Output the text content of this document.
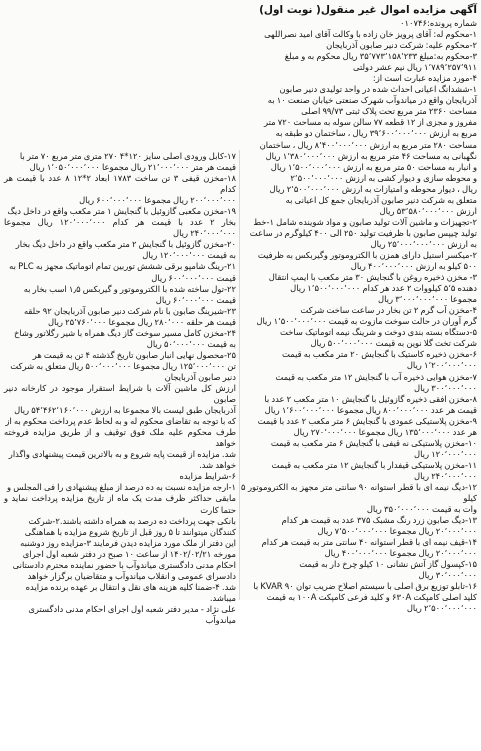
آگهی مزایده اموال غیر منقول( نوبت اول)

شماره پرونده:۰۱۰۷۴۶

۱-محکوم له: آقای پرویز خان زاده با وکالت آقای امید نصراللهی

۲-محکوم علیه: شرکت دنیر صابون آذربایجان

۳-محکوم به:مبلغ ۳۵٬۷۷۳٬۱۵۸٬۲۳۳ ریال محکوم به و مبلغ

۱٬۷۸۹٬۲۵۷٬۹۱۱ ریال نیم عشر دولتی

۴-مورد مزایده عبارت است از:

۱-ششدانگ اعیانی احداث شده در واحد تولیدی دنیر صابون

آذربایجان واقع در میاندوآب شهرک صنعتی خیابان صنعت ۱۰ به

مساحت ۲۳۶۰ متر مربع تحت پلاک ثبتی ۹۹/۷۳ اصلی

مفروز و مجزی از ۱۲ قطعه ۷۷ سالن سوله به مساحت ۷۲۰ متر

مربع به ارزش ۳۹٬۶۰۰٬۰۰۰٬۰۰۰ ریال ، ساختمان دو طبقه به

مساحت ۲۸۰ متر مربع به ارزش ۸٬۴۰۰٬۰۰۰٬۰۰۰ ریال ، ساختمان

نگهبانی به مساحت ۴۶ متر مربع به ارزش ۱٬۳۸۰٬۰۰۰٬۰۰۰ ریال

و انبار به مساحت ۵۰ متر مربع به ارزش ۱٬۵۰۰٬۰۰۰٬۰۰۰ ریال

و محوطه سازی و دیوار کشی به ارزش ۲٬۵۰۰٬۰۰۰٬۰۰۰

ریال ، دیوار محوطه و امتیازات به ارزش ۲٬۵۰۰٬۰۰۰٬۰۰۰ ریال

متعلق به شرکت دنیر صابون آذربایجان جمع کل اعیانی به

ارزش ۵۳٬۵۸۰٬۰۰۰٬۰۰۰ ریال

۲-تجهیزات و ماشین آلات تولید صابون و مواد شوینده شامل ۱-خط

تولید چیپس صابون با ظرفیت تولید ۲۵۰ الی ۴۰۰ کیلوگرم در ساعت

به ارزش ۲۵٬۰۰۰٬۰۰۰٬۰۰۰ ریال

۲-میکسر استیل دارای همزن با الکتروموتور وگیربکس به ظرفیت

۵۰۰ کیلو به ارزش ۴۰۰٬۰۰۰٬۰۰۰ ریال

۳- مخزن ذخیره روغن با گنجایش ۳۰ متر مکعب با ایمپ انتقال

دهنده ۵٬۵ کیلووات ۲ عدد هر کدام ۱٬۵۰۰٬۰۰۰٬۰۰۰ ریال

مجموعا ۳٬۰۰۰٬۰۰۰٬۰۰۰ ریال

۴-مخزن آب گرم ۲ تن بخار در ساعت ساخت شرکت

گرم آوران در حالت سوخت مازوت به قیمت ۱٬۵۰۰٬۰۰۰٬۰۰۰ ریال

۵-دستگاه بسته بندی دوخت و شرینگ نیمه اتوماتیک ساخت

شرکت تخت گلا نوین به قیمت ۵۰۰٬۰۰۰٬۰۰۰ ریال

۶-مخزن ذخیره کاستیک با گنجایش ۲۰ متر مکعب به قیمت

۱٬۲۰۰٬۰۰۰٬۰۰۰ ریال

۷-مخزن هوایی ذخیره آب با گنجایش ۱۲ متر مکعب به قیمت

۳۰۰٬۰۰۰٬۰۰۰ ریال

۸-مخزن افقی ذخیره گازوئیل با گنجایش ۱۰ متر مکعب ۲ عدد با

قیمت هر عدد ۸۰۰٬۰۰۰٬۰۰۰ ریال مجموعا ۱٬۶۰۰٬۰۰۰٬۰۰۰ ریال

۹-مخزن پلاستیکی عمودی با گنجایش ۶ متر مکعب ۲ عدد با قیمت

هر عدد ۱۳۵٬۰۰۰٬۰۰۰ ریال مجموعا ۲۷۰٬۰۰۰٬۰۰۰ ریال

۱۰-مخزن پلاستیکی نه قیفی با گنجایش ۶ متر مکعب به قیمت

۱۲۰٬۰۰۰٬۰۰۰ ریال

۱۱-مخزن پلاستیکی قیفدار با گنجایش ۱۲ متر مکعب به قیمت

۲۴۰٬۰۰۰٬۰۰۰ ریال

۱۲-دیگ نیمه ای با قطر استوانه ۹۰ سانتی متر مجهز به الکتروموتور ۵ کیلو

وات به قیمت ۳۵۰٬۰۰۰٬۰۰۰ ریال

۱۳-دیگ صابون زرد رنگ مشبک ۳۷۵ عدد به قیمت هر کدام

۲۰٬۰۰۰٬۰۰۰ ریال مجموعا ۷٬۵۰۰٬۰۰۰٬۰۰۰ ریال

۱۴-قیف نیمه ای با قطر استوانه ۴۰ سانتی متر به قیمت هر کدام

۲۰٬۰۰۰٬۰۰۰ ریال مجموعا ۴۰۰٬۰۰۰٬۰۰۰ ریال

۱۵-کپسول گاز آتش نشانی ۱۰ کیلو چرخ دار به قیمت

۳۰٬۰۰۰٬۰۰۰ ریال

۱۶-تابلو توزیع برق اصلی با سیستم اصلاح ضریب توان KVAR ۹۰ با

کلید اصلی کامپکت ۶۳۰A و کلید فرعی کامپکت ۱۰۰A به قیمت

۲٬۵۰۰٬۰۰۰٬۰۰۰ ریال

۱۷-کابل ورودی اصلی سایز ۱۲۰*۴ ۲۷۰ متری متر مربع ۷۰ متر با

قیمت هر متر ۲۱٬۰۰۰٬۰۰۰ ریال مجموعا ۱٬۰۵۰٬۰۰۰٬۰۰۰ ریال

۱۸-مخزن قیفی ۳ تن ساخت ۱۷۸۳ ابعاد ۲*۱۲ ۸ عدد با قیمت هر کدام

۲۰۰٬۰۰۰٬۰۰۰ ریال مجموعا ۶۰۰٬۰۰۰٬۰۰۰ ریال

۱۹-مخزن مکعبی گازوئیل با گنجایش ۱ متر مکعب واقع در داخل دیگ

بخار ۲ عدد با قیمت هر کدام ۱۲۰٬۰۰۰٬۰۰۰ ریال مجموعا ۲۴۰٬۰۰۰٬۰۰۰ ریال

۲۰-مخزن گازوئیل با گنجایش ۲ متر مکعب واقع در داخل دیگ بخار

به قیمت ۱۲۰٬۰۰۰٬۰۰۰ ریال

۲۱-رینگ شامپو برقی ششش توربین تمام اتوماتیک مجهز به PLC به

قیمت ۶۰۰٬۰۰۰٬۰۰۰ ریال

۲۲-تول ساخته شده با الکتروموتور و گیربکس ۱٫۵ اسب بخار به

قیمت ۶۰٬۰۰۰٬۰۰۰ ریال

۲۳-شیرینگ صابون با نام شرکت دنیر صابون آذربایجان ۹۲ حلقه

قیمت هر حلقه ۲۸۰٬۰۰۰ ریال مجموعا ۲۵٬۷۶۰٬۰۰۰ ریال

۲۴-مخزن کامل مسیر سوخت گاز دیگ همراه با شیر رگلاتور وشاخ

به قیمت ۵۰٬۰۰۰٬۰۰۰ ریال

۲۵-محصول نهایی انبار صابون تاریخ گذشته ۴ تن به قیمت هر

تن ۱۲۵٬۰۰۰٬۰۰۰ ریال مجموعا ۵۰۰٬۰۰۰٬۰۰۰ ریال متعلق به شرکت

دنیر صابون آذربایجان

ارزش کل ماشین آلات با شرایط استقرار موجود در کارخانه دنیر صابون

آذربایجان طبق لیست بالا مجموعا به ارزش ۵۴٬۴۶۲٬۱۶۰٬۰۰۰ ریال

که با توجه به تقاضای محکوم له و به لحاظ عدم پرداخت محکوم به از

طرف محکوم علیه ملک فوق توقیف و از طریق مزایده فروخته خواهد

شد. مزایده از قیمت پایه شروع و به بالاترین قیمت پیشنهادی واگذار

خواهد شد.

۶-شرایط مزایده

۱-ارجه مزایده نسبت به ده درصد از مبلغ پیشنهادی را فی المجلس و

مابقی حداکثر ظرف مدت یک ماه از تاریخ مزایده پرداخت نماید و حتما کارت

بانکی جهت پرداخت ده درصد به همراه داشته باشند.۲-شرکت

کنندگان میتوانند تا ۵ روز قبل از تاریخ شروع مزایده با هماهنگی

این دفتر از ملک مورد مزایده دیدن فرمایند ۳-مزایده روز دوشنبه

مورخه ۱۴۰۲/۰۲/۲۱ از ساعت ۱۰ صبح در دفتر شعبه اول اجرای

احکام مدنی دادگستری میاندوآب با حضور نماینده محترم دادستانی

دادسرای عمومی و انقلاب میاندوآب و متقاضیان برگزار خواهد

شد. ۴-ضمنا کلیه هزینه های نقل و انتقال بر عهده برنده مزایده

میباشد.

علی نژاد - مدیر دفتر شعبه اول اجرای احکام مدنی دادگستری

میاندوآب
